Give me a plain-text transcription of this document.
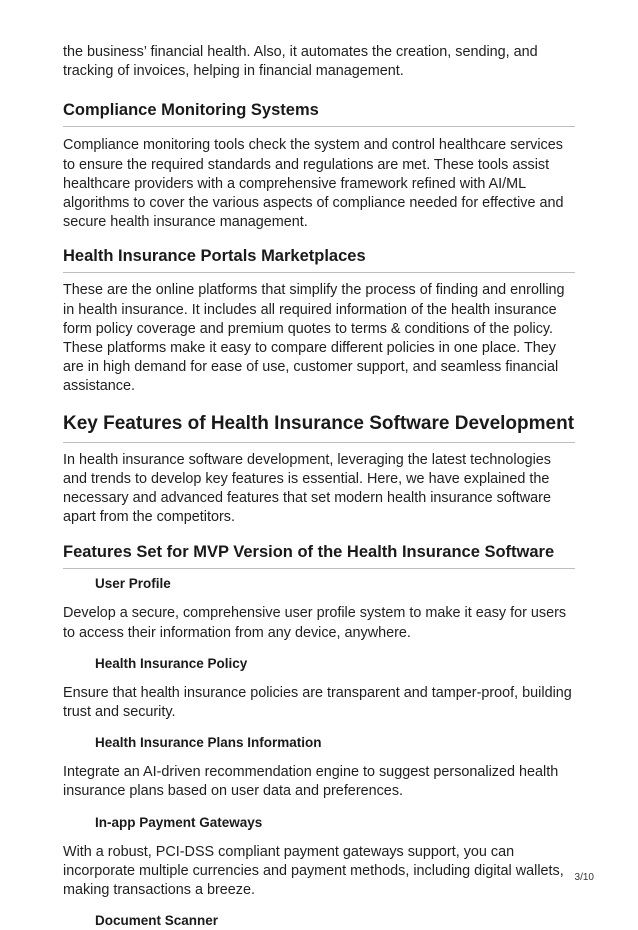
the business’ financial health. Also, it automates the creation, sending, and tracking of invoices, helping in financial management.

Compliance Monitoring Systems

Compliance monitoring tools check the system and control healthcare services to ensure the required standards and regulations are met. These tools assist healthcare providers with a comprehensive framework refined with AI/ML algorithms to cover the various aspects of compliance needed for effective and secure health insurance management.

Health Insurance Portals Marketplaces

These are the online platforms that simplify the process of finding and enrolling in health insurance. It includes all required information of the health insurance form policy coverage and premium quotes to terms & conditions of the policy. These platforms make it easy to compare different policies in one place. They are in high demand for ease of use, customer support, and seamless financial assistance.

Key Features of Health Insurance Software Development

In health insurance software development, leveraging the latest technologies and trends to develop key features is essential. Here, we have explained the necessary and advanced features that set modern health insurance software apart from the competitors.

Features Set for MVP Version of the Health Insurance Software
User Profile

Develop a secure, comprehensive user profile system to make it easy for users to access their information from any device, anywhere.

Health Insurance Policy

Ensure that health insurance policies are transparent and tamper-proof, building trust and security.

Health Insurance Plans Information

Integrate an AI-driven recommendation engine to suggest personalized health insurance plans based on user data and preferences.

In-app Payment Gateways

With a robust, PCI-DSS compliant payment gateways support, you can incorporate multiple currencies and payment methods, including digital wallets, making transactions a breeze.

Document Scanner
3/10
